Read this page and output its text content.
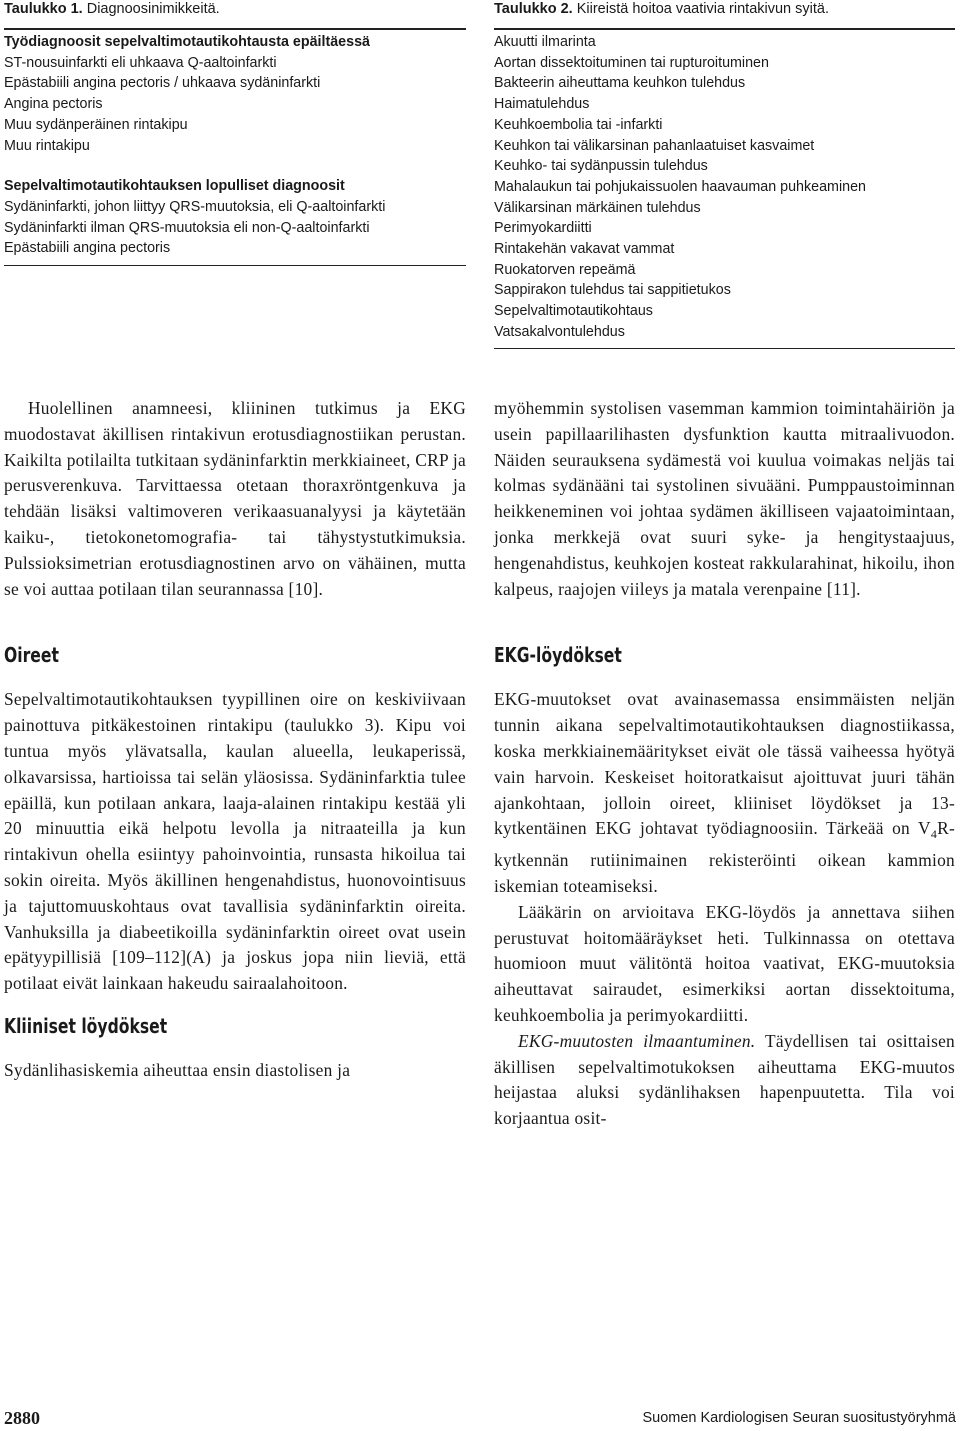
Taulukko 1. Diagnoosinimikkeitä.
Työdiagnoosit sepelvaltimotautikohtausta epäiltäessä
ST-nousuinfarkti eli uhkaava Q-aaltoinfarkti
Epästabiili angina pectoris / uhkaava sydäninfarkti
Angina pectoris
Muu sydänperäinen rintakipu
Muu rintakipu
Sepelvaltimotautikohtauksen lopulliset diagnoosit
Sydäninfarkti, johon liittyy QRS-muutoksia, eli Q-aaltoinfarkti
Sydäninfarkti ilman QRS-muutoksia eli non-Q-aaltoinfarkti
Epästabiili angina pectoris
Taulukko 2. Kiireistä hoitoa vaativia rintakivun syitä.
Akuutti ilmarinta
Aortan dissektoituminen tai rupturoituminen
Bakteerin aiheuttama keuhkon tulehdus
Haimatulehdus
Keuhkoembolia tai -infarkti
Keuhkon tai välikarsinan pahanlaatuiset kasvaimet
Keuhko- tai sydänpussin tulehdus
Mahalaukun tai pohjukaissuolen haavauman puhkeaminen
Välikarsinan märkäinen tulehdus
Perimyokardiitti
Rintakehän vakavat vammat
Ruokatorven repeämä
Sappirakon tulehdus tai sappitietukos
Sepelvaltimotautikohtaus
Vatsakalvontulehdus

Huolellinen anamneesi, kliininen tutkimus ja EKG muodostavat äkillisen rintakivun erotusdiagnostiikan perustan. Kaikilta potilailta tutkitaan sydäninfarktin merkkiaineet, CRP ja perusverenkuva. Tarvittaessa otetaan thoraxröntgenkuva ja tehdään lisäksi valtimoveren verikaasuanalyysi ja käytetään kaiku-, tietokonetomografia- tai tähystystutkimuksia. Pulssioksimetrian erotusdiagnostinen arvo on vähäinen, mutta se voi auttaa potilaan tilan seurannassa [10].

Oireet

Sepelvaltimotautikohtauksen tyypillinen oire on keskiviivaan painottuva pitkäkestoinen rintakipu (taulukko 3). Kipu voi tuntua myös ylävatsalla, kaulan alueella, leukaperissä, olkavarsissa, hartioissa tai selän yläosissa. Sydäninfarktia tulee epäillä, kun potilaan ankara, laaja-alainen rintakipu kestää yli 20 minuuttia eikä helpotu levolla ja nitraateilla ja kun rintakivun ohella esiintyy pahoinvointia, runsasta hikoilua tai sokin oireita. Myös äkillinen hengenahdistus, huonovointisuus ja tajuttomuuskohtaus ovat tavallisia sydäninfarktin oireita. Vanhuksilla ja diabeetikoilla sydäninfarktin oireet ovat usein epätyypillisiä [109–112](A) ja joskus jopa niin lieviä, että potilaat eivät lainkaan hakeudu sairaalahoitoon.

Kliiniset löydökset

Sydänlihasiskemia aiheuttaa ensin diastolisen ja

myöhemmin systolisen vasemman kammion toimintahäiriön ja usein papillaarilihasten dysfunktion kautta mitraalivuodon. Näiden seurauksena sydämestä voi kuulua voimakas neljäs tai kolmas sydänääni tai systolinen sivuääni. Pumppaustoiminnan heikkeneminen voi johtaa sydämen äkilliseen vajaatoimintaan, jonka merkkejä ovat suuri syke- ja hengitystaajuus, hengenahdistus, keuhkojen kosteat rakkularahinat, hikoilu, ihon kalpeus, raajojen viileys ja matala verenpaine [11].

EKG-löydökset

EKG-muutokset ovat avainasemassa ensimmäisten neljän tunnin aikana sepelvaltimotautikohtauksen diagnostiikassa, koska merkkiainemääritykset eivät ole tässä vaiheessa hyötyä vain harvoin. Keskeiset hoitoratkaisut ajoittuvat juuri tähän ajankohtaan, jolloin oireet, kliiniset löydökset ja 13-kytkentäinen EKG johtavat työdiagnoosiin. Tärkeää on $V_4R$-kytkennän rutiinimainen rekisteröinti oikean kammion iskemian toteamiseksi.

Lääkärin on arvioitava EKG-löydös ja annettava siihen perustuvat hoitomääräykset heti. Tulkinnassa on otettava huomioon muut välitöntä hoitoa vaativat, EKG-muutoksia aiheuttavat sairaudet, esimerkiksi aortan dissektoituma, keuhkoembolia ja perimyokardiitti.

EKG-muutosten ilmaantuminen. Täydellisen tai osittaisen äkillisen sepelvaltimotukoksen aiheuttama EKG-muutos heijastaa aluksi sydänlihaksen hapenpuutetta. Tila voi korjaantua osit-

2880	Suomen Kardiologisen Seuran suositustyöryhmä
